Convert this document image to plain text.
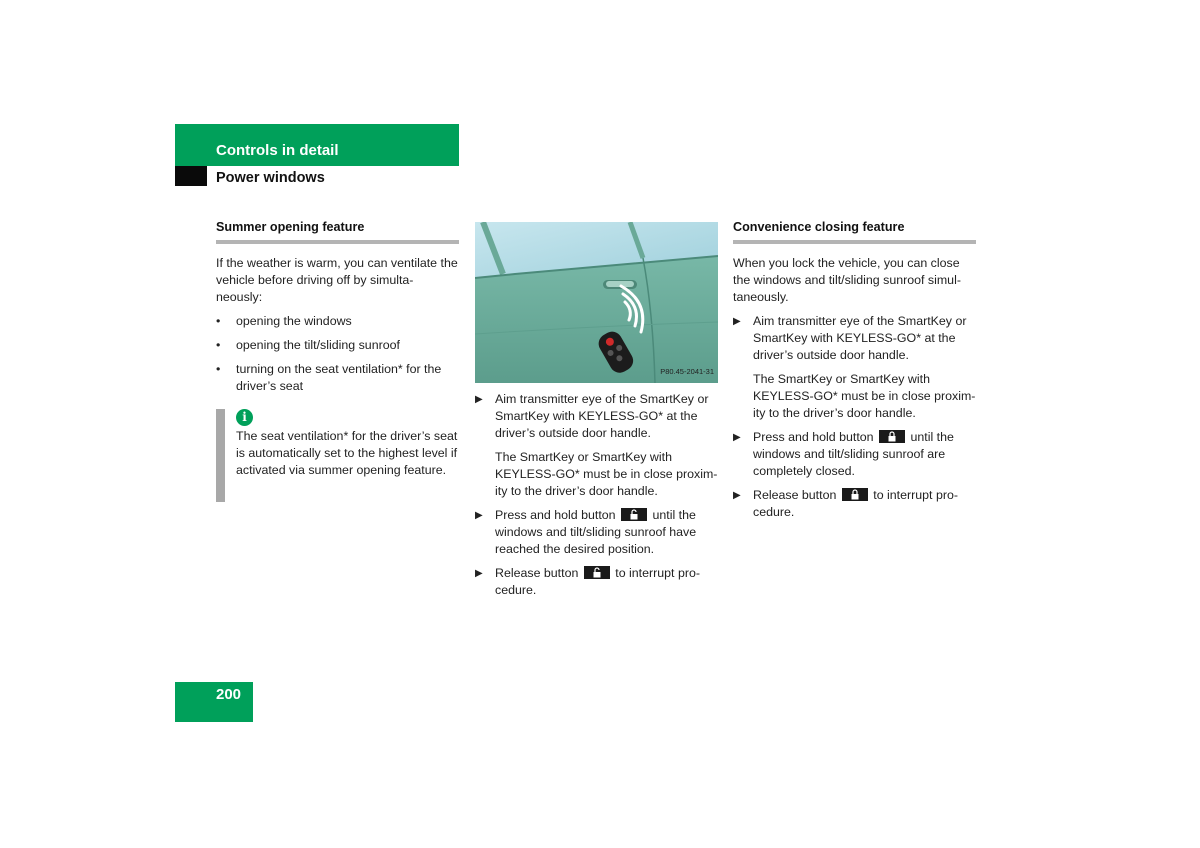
Controls in detail
Power windows
Summer opening feature

If the weather is warm, you can ventilate the vehicle before driving off by simulta-neously:

• opening the windows
• opening the tilt/sliding sunroof
• turning on the seat ventilation* for the driver’s seat
i
The seat ventilation* for the driver’s seat is automatically set to the highest level if activated via summer opening feature.
P80.45-2041-31
▶ Aim transmitter eye of the SmartKey or SmartKey with KEYLESS-GO* at the driver’s outside door handle.
The SmartKey or SmartKey with KEYLESS-GO* must be in close proxim-ity to the driver’s door handle.
▶ Press and hold button	until the windows and tilt/sliding sunroof have reached the desired position.
▶ Release button	to interrupt pro-cedure.
Convenience closing feature

When you lock the vehicle, you can close the windows and tilt/sliding sunroof simul-taneously.

▶ Aim transmitter eye of the SmartKey or SmartKey with KEYLESS-GO* at the driver’s outside door handle.
The SmartKey or SmartKey with KEYLESS-GO* must be in close proxim-ity to the driver’s door handle.
▶ Press and hold button	until the windows and tilt/sliding sunroof are completely closed.
▶ Release button	to interrupt pro-cedure.
200
